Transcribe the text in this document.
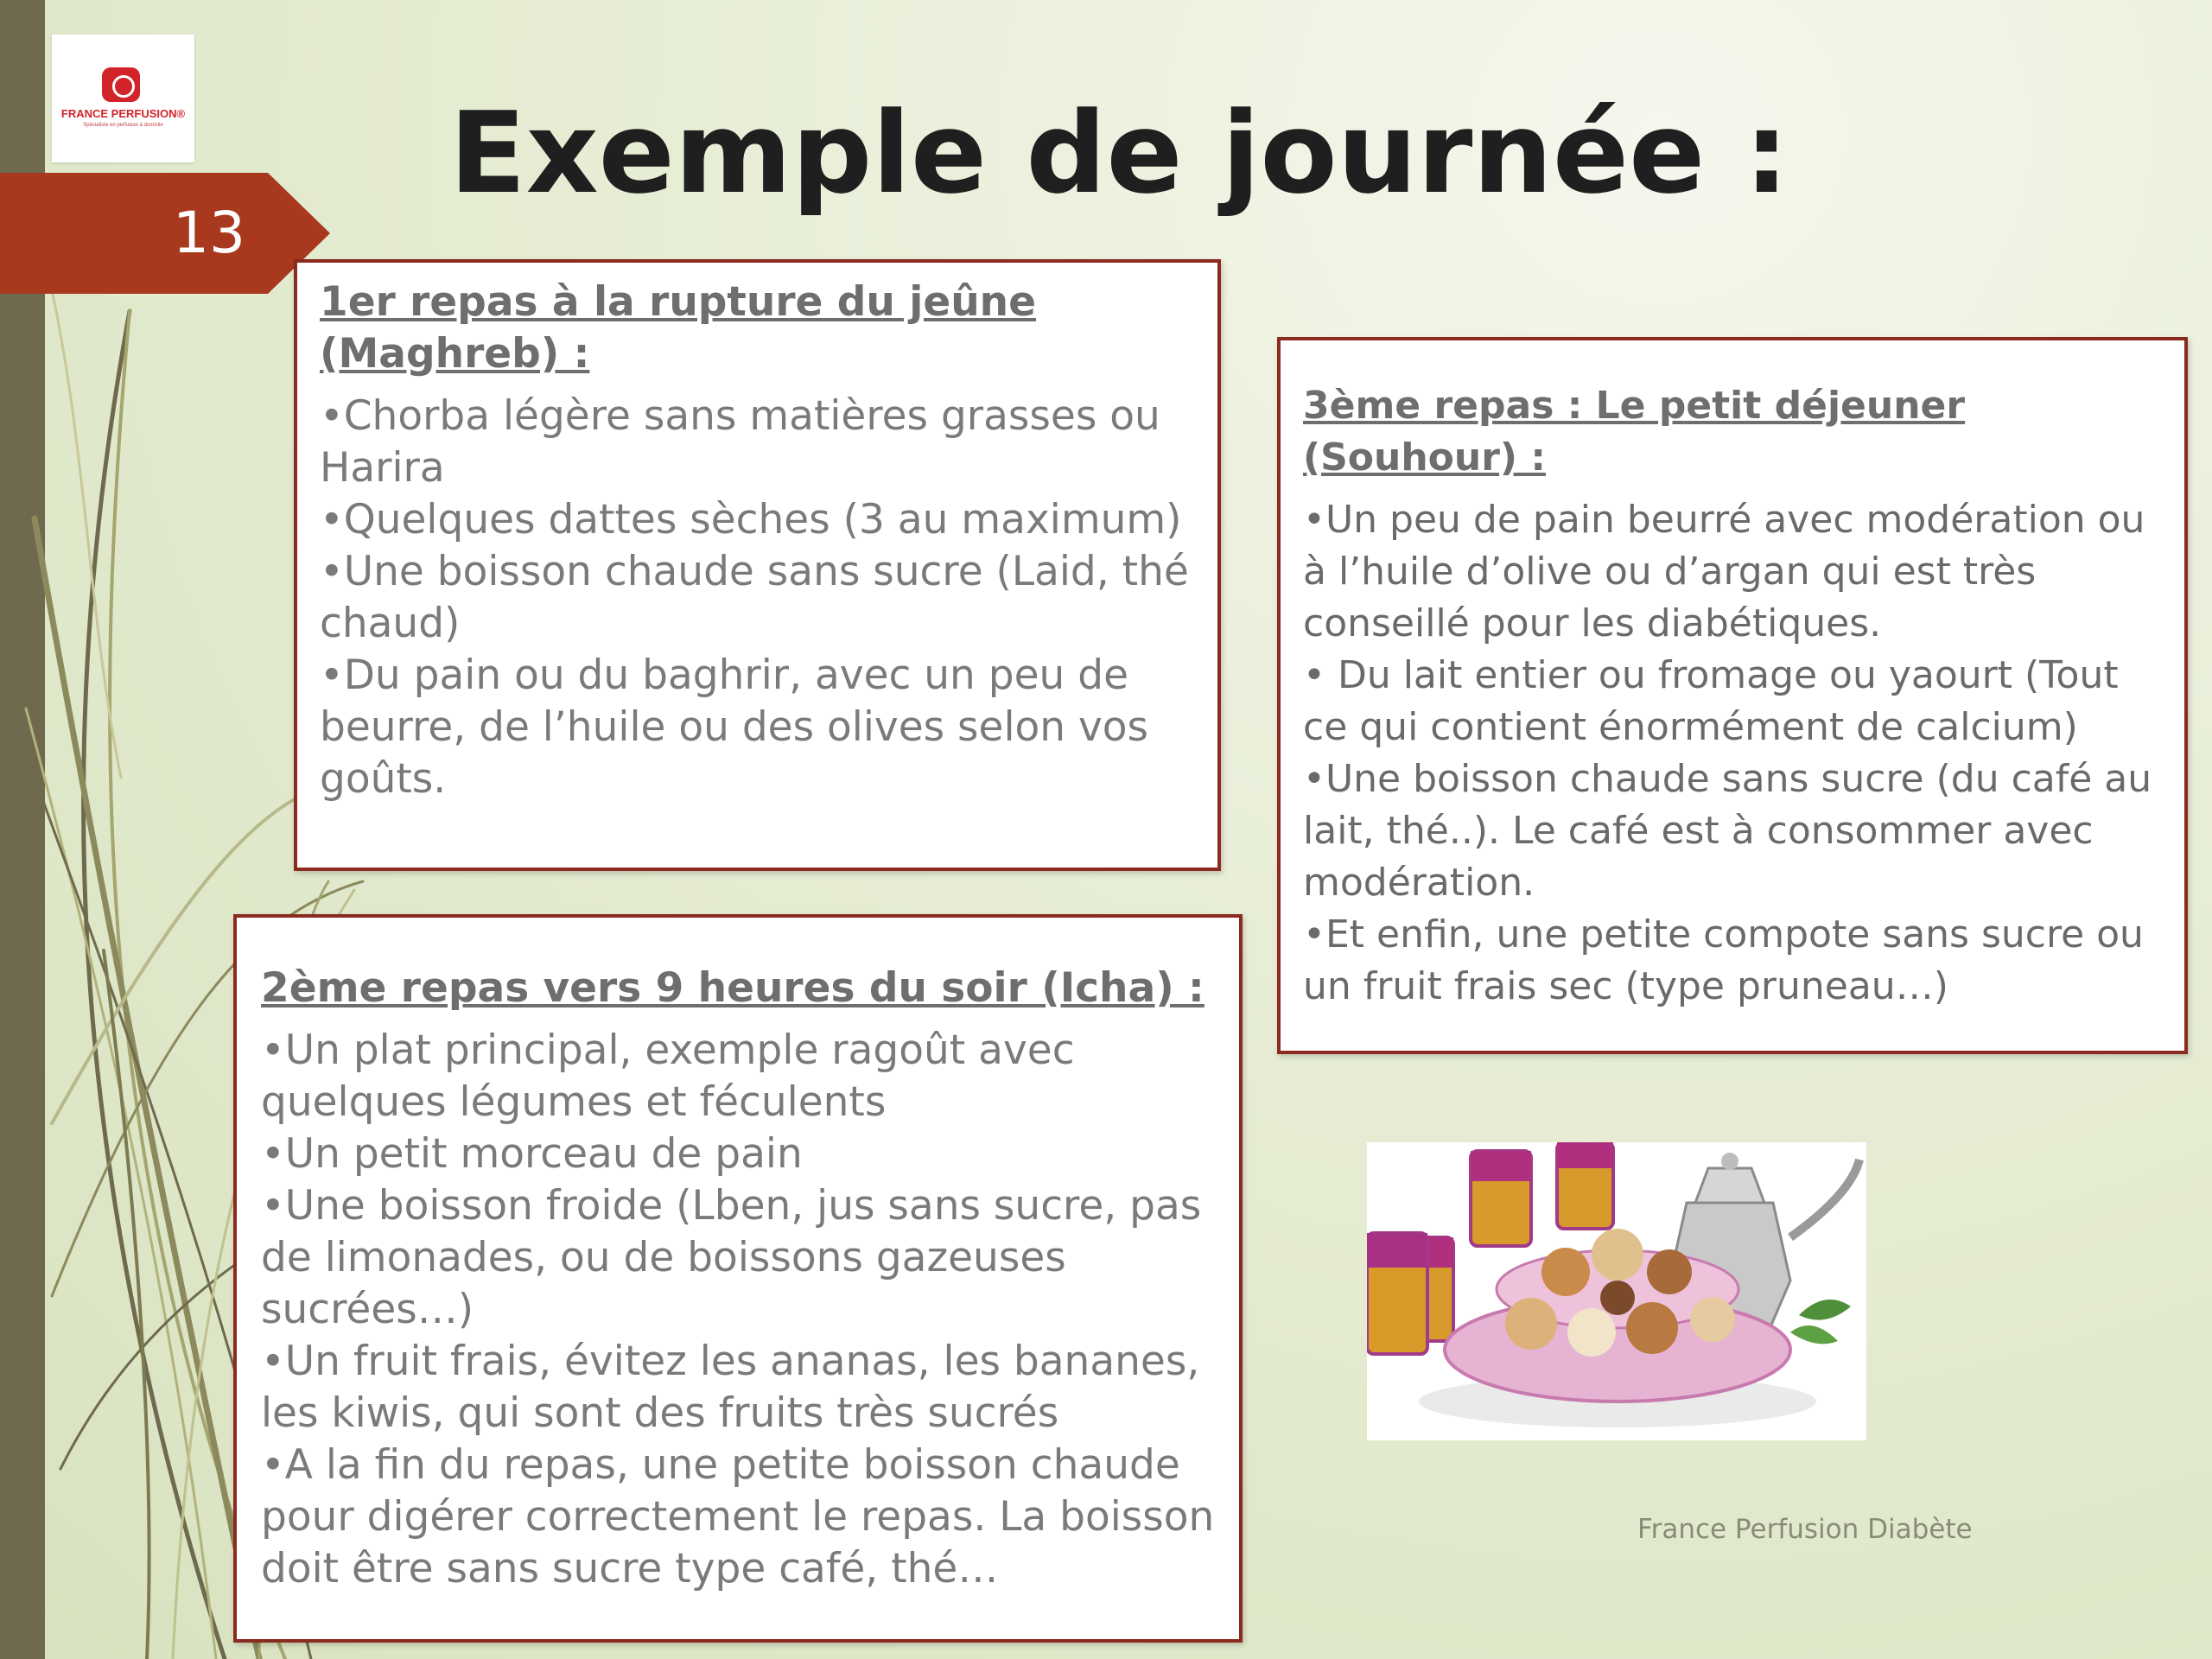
FRANCE PERFUSION®
Spécialiste en perfusion à domicile
13
Exemple de journée :

1er repas à la rupture du jeûne
(Maghreb) :

•Chorba légère sans matières grasses ou Harira
•Quelques dattes sèches (3 au maximum)
•Une boisson chaude sans sucre (Laid, thé chaud)
•Du pain ou du baghrir, avec un peu de beurre, de l’huile ou des olives selon vos goûts.

2ème repas vers 9 heures du soir (Icha) :

•Un plat principal, exemple ragoût avec quelques légumes et féculents
•Un petit morceau de pain
•Une boisson froide (Lben, jus sans sucre, pas de limonades, ou de boissons gazeuses sucrées…)
•Un fruit frais, évitez les ananas, les bananes, les kiwis, qui sont des fruits très sucrés
•A la fin du repas, une petite boisson chaude pour digérer correctement le repas. La boisson doit être sans sucre type café, thé…

3ème repas : Le petit déjeuner
(Souhour) :

•Un peu de pain beurré avec modération ou à l’huile d’olive ou d’argan qui est très conseillé pour les diabétiques.
• Du lait entier ou fromage ou yaourt (Tout ce qui contient énormément de calcium)
•Une boisson chaude sans sucre (du café au lait, thé..). Le café est à consommer avec modération.
•Et enfin, une petite compote sans sucre ou un fruit frais sec (type pruneau…)
France Perfusion Diabète
